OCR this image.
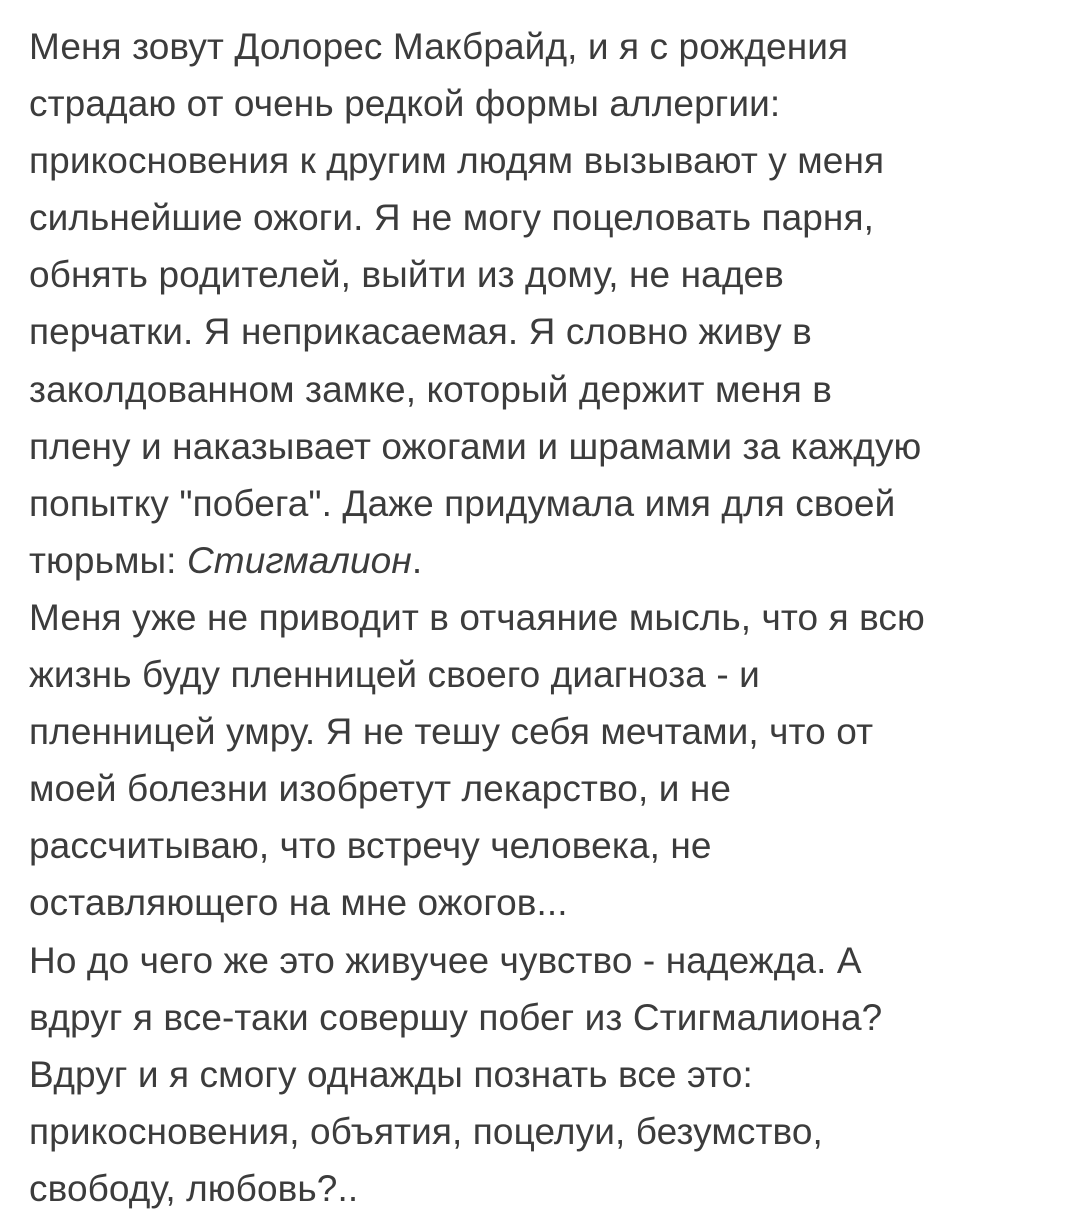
Меня зовут Долорес Макбрайд, и я с рождения
страдаю от очень редкой формы аллергии:
прикосновения к другим людям вызывают у меня
сильнейшие ожоги. Я не могу поцеловать парня,
обнять родителей, выйти из дому, не надев
перчатки. Я неприкасаемая. Я словно живу в
заколдованном замке, который держит меня в
плену и наказывает ожогами и шрамами за каждую
попытку "побега". Даже придумала имя для своей
тюрьмы: Стигмалион.
Меня уже не приводит в отчаяние мысль, что я всю
жизнь буду пленницей своего диагноза - и
пленницей умру. Я не тешу себя мечтами, что от
моей болезни изобретут лекарство, и не
рассчитываю, что встречу человека, не
оставляющего на мне ожогов...
Но до чего же это живучее чувство - надежда. А
вдруг я все-таки совершу побег из Стигмалиона?
Вдруг и я смогу однажды познать все это:
прикосновения, объятия, поцелуи, безумство,
свободу, любовь?..
